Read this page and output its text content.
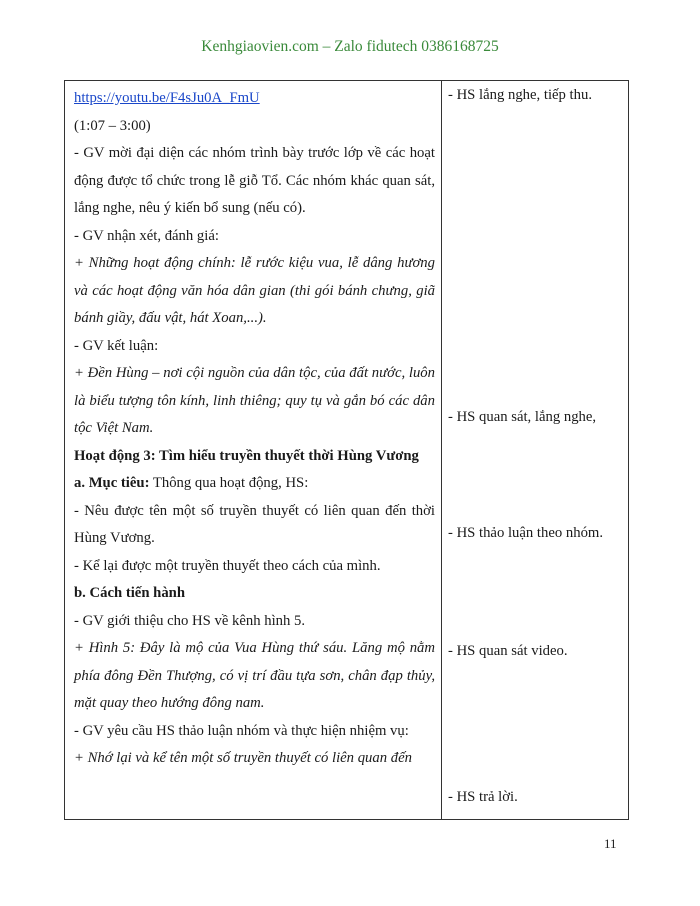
Kenhgiaovien.com – Zalo fidutech 0386168725

https://youtu.be/F4sJu0A_FmU

(1:07 – 3:00)

- GV mời đại diện các nhóm trình bày trước lớp về các hoạt động được tổ chức trong lễ giỗ Tổ. Các nhóm khác quan sát, lắng nghe, nêu ý kiến bổ sung (nếu có).

- GV nhận xét, đánh giá:

+ Những hoạt động chính: lễ rước kiệu vua, lễ dâng hương và các hoạt động văn hóa dân gian (thi gói bánh chưng, giã bánh giầy, đấu vật, hát Xoan,...).

- GV kết luận:

+ Đền Hùng – nơi cội nguồn của dân tộc, của đất nước, luôn là biểu tượng tôn kính, linh thiêng; quy tụ và gắn bó các dân tộc Việt Nam.

Hoạt động 3: Tìm hiểu truyền thuyết thời Hùng Vương

a. Mục tiêu: Thông qua hoạt động, HS:

- Nêu được tên một số truyền thuyết có liên quan đến thời Hùng Vương.

- Kể lại được một truyền thuyết theo cách của mình.

b. Cách tiến hành

- GV giới thiệu cho HS về kênh hình 5.

+ Hình 5: Đây là mộ của Vua Hùng thứ sáu. Lăng mộ nằm phía đông Đền Thượng, có vị trí đầu tựa sơn, chân đạp thủy, mặt quay theo hướng đông nam.

- GV yêu cầu HS thảo luận nhóm và thực hiện nhiệm vụ:

+ Nhớ lại và kể tên một số truyền thuyết có liên quan đến

- HS lắng nghe, tiếp thu.
- HS quan sát, lắng nghe,
- HS thảo luận theo nhóm.
- HS quan sát video.
- HS trả lời.
11
